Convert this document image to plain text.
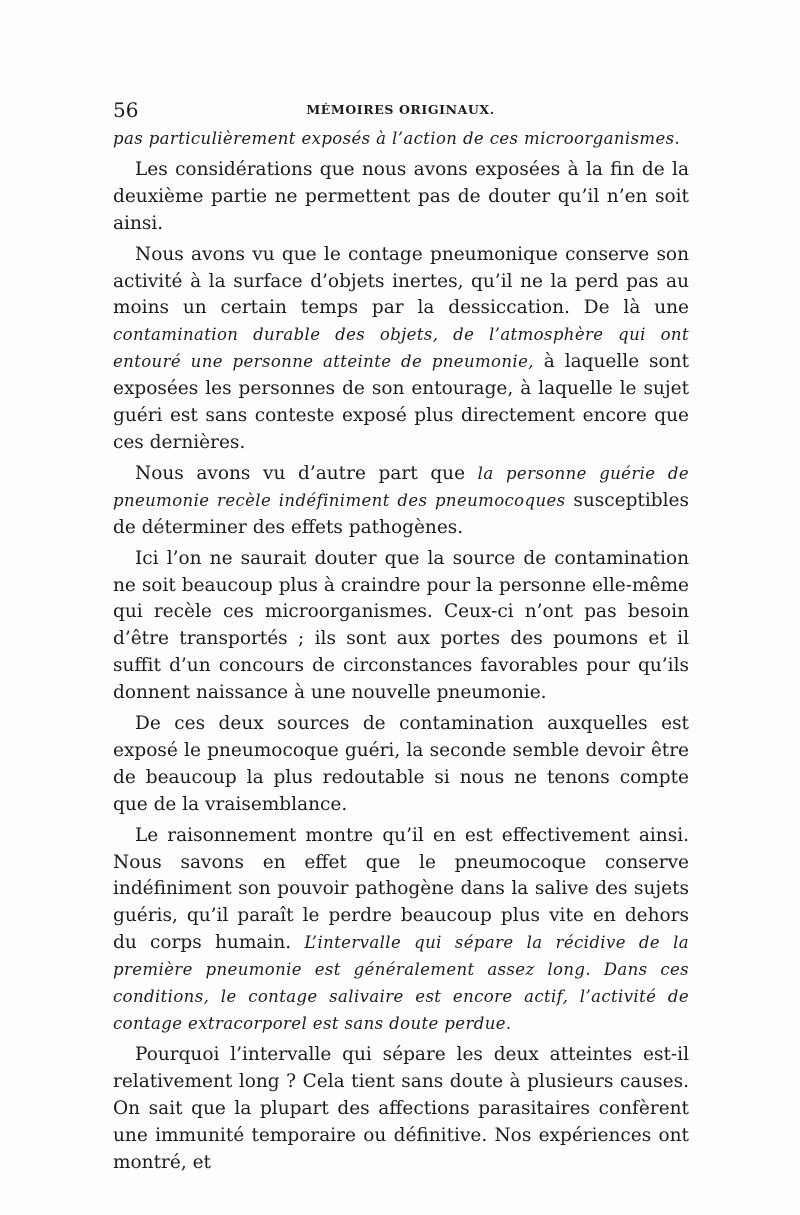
56	MÉMOIRES ORIGINAUX.

pas particulièrement exposés à l’action de ces microorganismes.

Les considérations que nous avons exposées à la fin de la deuxième partie ne permettent pas de douter qu’il n’en soit ainsi.

Nous avons vu que le contage pneumonique conserve son activité à la surface d’objets inertes, qu’il ne la perd pas au moins un certain temps par la dessiccation. De là une contamination durable des objets, de l’atmosphère qui ont entouré une personne atteinte de pneumonie, à laquelle sont exposées les personnes de son entourage, à laquelle le sujet guéri est sans conteste exposé plus directement encore que ces dernières.

Nous avons vu d’autre part que la personne guérie de pneumonie recèle indéfiniment des pneumocoques susceptibles de déterminer des effets pathogènes.

Ici l’on ne saurait douter que la source de contamination ne soit beaucoup plus à craindre pour la personne elle-même qui recèle ces microorganismes. Ceux-ci n’ont pas besoin d’être transportés ; ils sont aux portes des poumons et il suffit d’un concours de circonstances favorables pour qu’ils donnent naissance à une nouvelle pneumonie.

De ces deux sources de contamination auxquelles est exposé le pneumocoque guéri, la seconde semble devoir être de beaucoup la plus redoutable si nous ne tenons compte que de la vraisemblance.

Le raisonnement montre qu’il en est effectivement ainsi. Nous savons en effet que le pneumocoque conserve indéfiniment son pouvoir pathogène dans la salive des sujets guéris, qu’il paraît le perdre beaucoup plus vite en dehors du corps humain. L’intervalle qui sépare la récidive de la première pneumonie est généralement assez long. Dans ces conditions, le contage salivaire est encore actif, l’activité de contage extracorporel est sans doute perdue.

Pourquoi l’intervalle qui sépare les deux atteintes est-il relativement long ? Cela tient sans doute à plusieurs causes. On sait que la plupart des affections parasitaires confèrent une immunité temporaire ou définitive. Nos expériences ont montré, et
